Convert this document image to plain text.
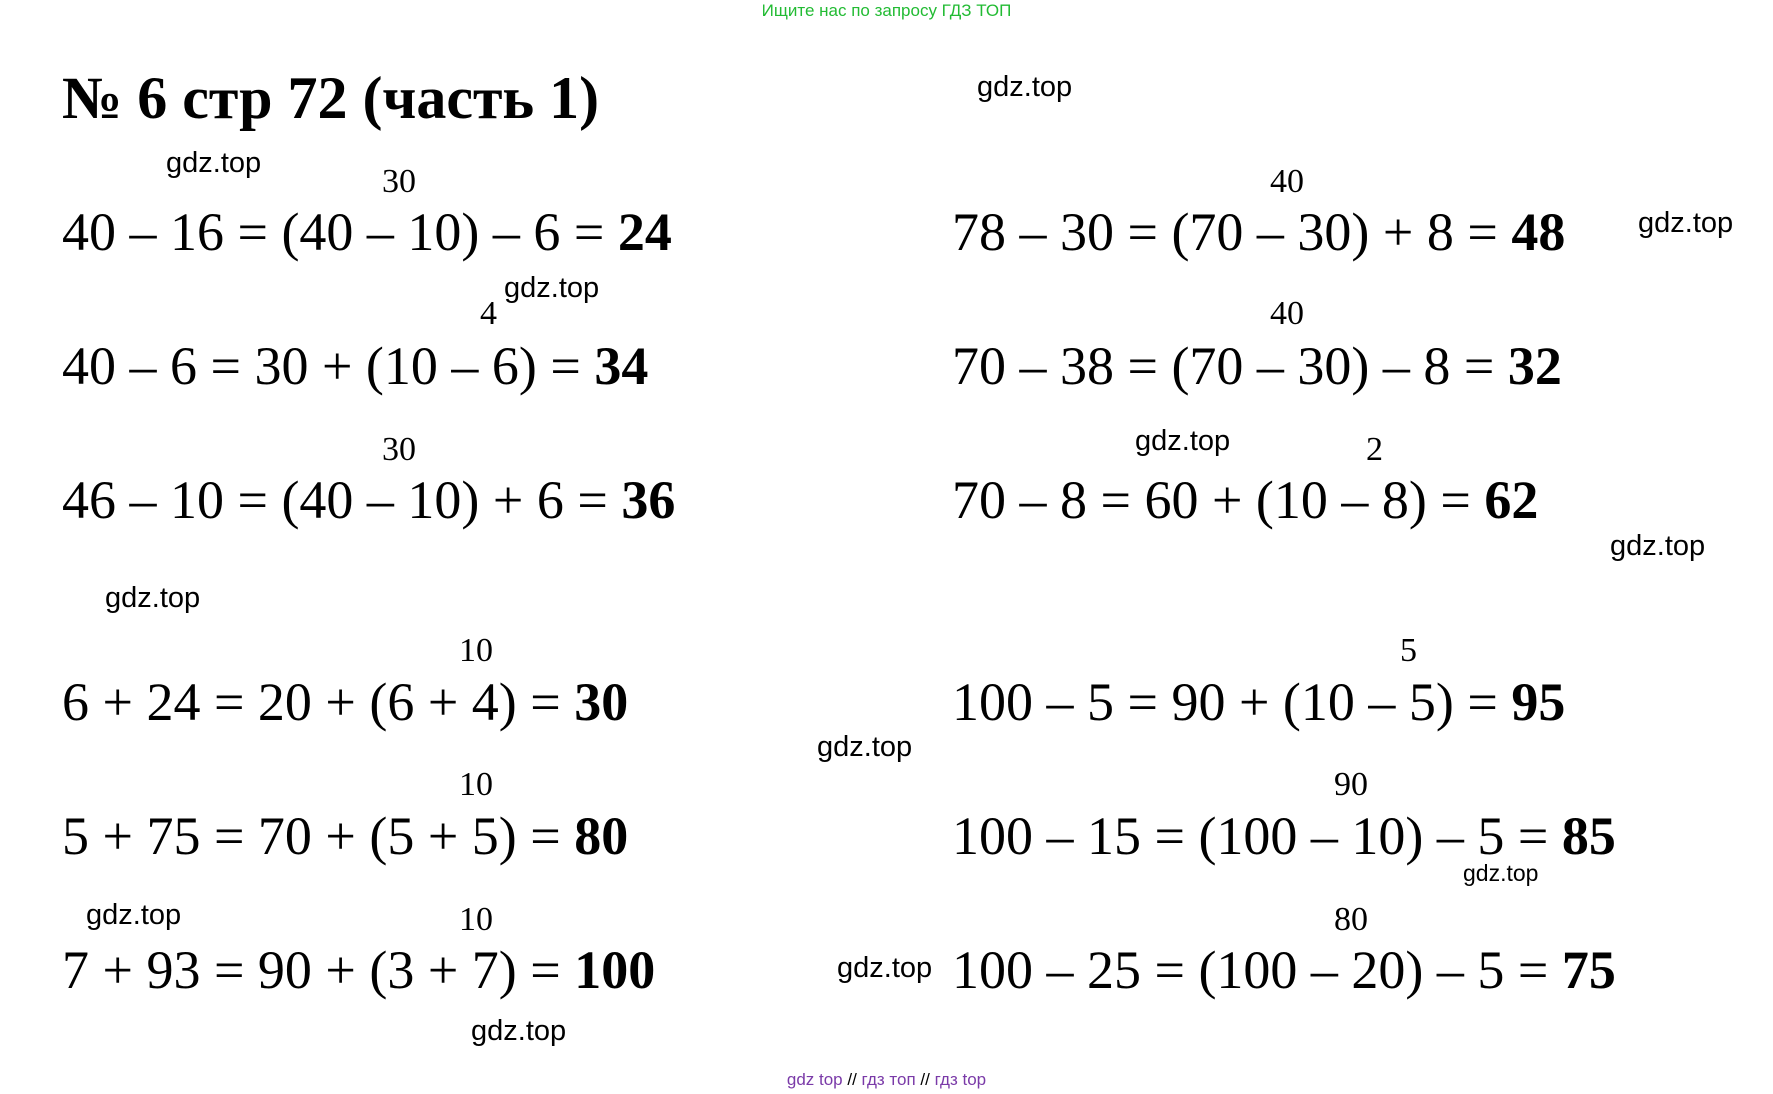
Ищите нас по запросу ГДЗ ТОП
№ 6 стр 72 (часть 1)
30
40 – 16 = (40 – 10) – 6 = 24
4
40 – 6 = 30 + (10 – 6) = 34
30
46 – 10 = (40 – 10) + 6 = 36
10
6 + 24 = 20 + (6 + 4) = 30
10
5 + 75 = 70 + (5 + 5) = 80
10
7 + 93 = 90 + (3 + 7) = 100
40
78 – 30 = (70 – 30) + 8 = 48
40
70 – 38 = (70 – 30) – 8 = 32
2
70 – 8 = 60 + (10 – 8) = 62
5
100 – 5 = 90 + (10 – 5) = 95
90
100 – 15 = (100 – 10) – 5 = 85
80
100 – 25 = (100 – 20) – 5 = 75
gdz.top
gdz.top
gdz.top
gdz.top
gdz.top
gdz.top
gdz.top
gdz.top
gdz.top
gdz.top
gdz.top
gdz.top
gdz top // гдз топ // гдз top
